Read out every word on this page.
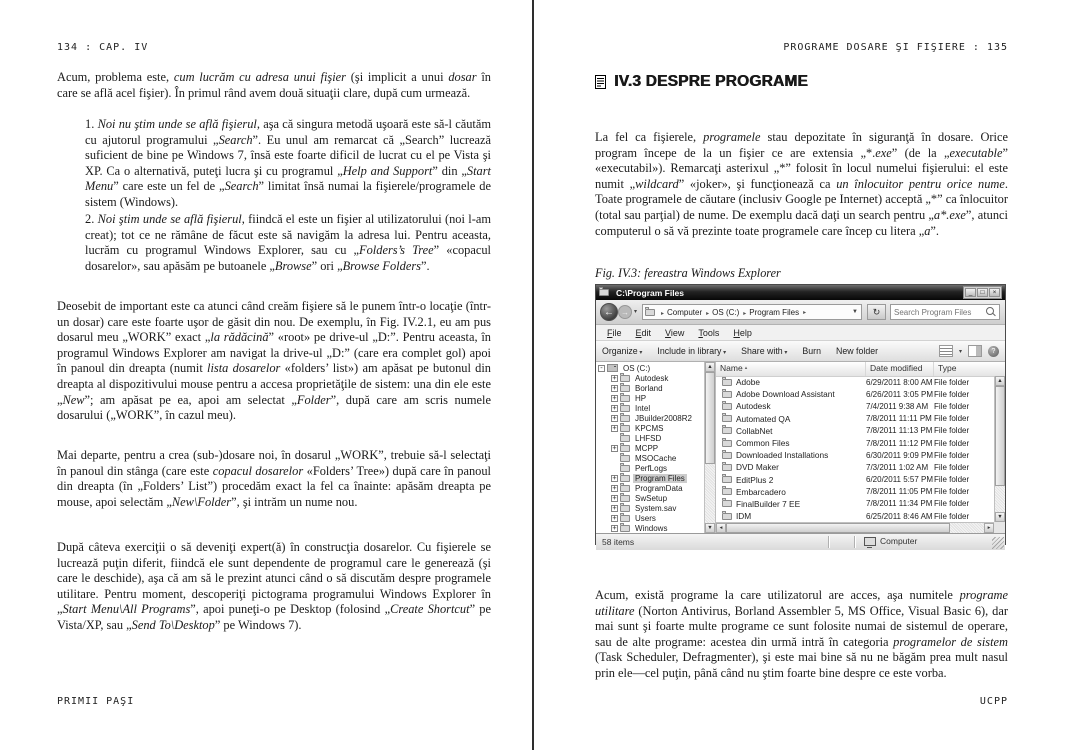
134 : CAP. IV

Acum, problema este, cum lucrăm cu adresa unui fişier (şi implicit a unui dosar în care se află acel fişier). În primul rând avem două situaţii clare, după cum urmează.

1. Noi nu ştim unde se află fişierul, aşa că singura metodă uşoară este să-l căutăm cu ajutorul programului „Search”. Eu unul am remarcat că „Search” lucrează suficient de bine pe Windows 7, însă este foarte dificil de lucrat cu el pe Vista şi XP. Ca o alternativă, puteţi lucra şi cu programul „Help and Support” din „Start Menu” care este un fel de „Search” limitat însă numai la fişierele/programele de sistem (Windows).

2. Noi ştim unde se află fişierul, fiindcă el este un fişier al utilizatorului (noi l-am creat); tot ce ne rămâne de făcut este să navigăm la adresa lui. Pentru aceasta, lucrăm cu programul Windows Explorer, sau cu „Folders’s Tree” «copacul dosarelor», sau apăsăm pe butoanele „Browse” ori „Browse Folders”.

Deosebit de important este ca atunci când creăm fişiere să le punem într-o locaţie (într-un dosar) care este foarte uşor de găsit din nou. De exemplu, în Fig. IV.2.1, eu am pus dosarul meu „WORK” exact „la rădăcină” «root» pe drive-ul „D:”. Pentru aceasta, în programul Windows Explorer am navigat la drive-ul „D:” (care era complet gol) apoi în panoul din dreapta (numit lista dosarelor «folders’ list») am apăsat pe butonul din dreapta al dispozitivului mouse pentru a accesa proprietăţile de sistem: una din ele este „New”; am apăsat pe ea, apoi am selectat „Folder”, după care am scris numele dosarului („WORK”, în cazul meu).

Mai departe, pentru a crea (sub-)dosare noi, în dosarul „WORK”, trebuie să-l selectaţi în panoul din stânga (care este copacul dosarelor «Folders’ Tree») după care în panoul din dreapta (în „Folders’ List”) procedăm exact la fel ca înainte: apăsăm dreapta pe mouse, apoi selectăm „New\Folder”, şi intrăm un nume nou.

După câteva exerciţii o să deveniţi expert(ă) în construcţia dosarelor. Cu fişierele se lucrează puţin diferit, fiindcă ele sunt dependente de programul care le generează (şi care le deschide), aşa că am să le prezint atunci când o să discutăm despre programele utilitare. Pentru moment, descoperiţi pictograma programului Windows Explorer în „Start Menu\All Programs”, apoi puneţi-o pe Desktop (folosind „Create Shortcut” pe Vista/XP, sau „Send To\Desktop” pe Windows 7).

PRIMII PAŞI
PROGRAME DOSARE ŞI FIŞIERE : 135
IV.3 DESPRE PROGRAME

La fel ca fişierele, programele stau depozitate în siguranţă în dosare. Orice program începe de la un fişier ce are extensia „*.exe” (de la „executable” «executabil»). Remarcaţi asterixul „*” folosit în locul numelui fişierului: el este numit „wildcard” «joker», şi funcţionează ca un înlocuitor pentru orice nume. Toate programele de căutare (inclusiv Google pe Internet) acceptă „*” ca înlocuitor (total sau parţial) de nume. De exemplu dacă daţi un search pentru „a*.exe”, atunci computerul o să vă prezinte toate programele care încep cu litera „a”.

Fig. IV.3: fereastra Windows Explorer

C:\Program Files	_	□	×
← → ▾	▸ Computer	▸ OS (C:)	▸ Program Files
▸	▼	↻
Search Program Files
File	Edit	View	Tools	Help
Organize ▾	Include in library ▾	Share with ▾	Burn New folder	▾	?
- OS (C:)
+ Autodesk
+ Borland
+ HP
+ Intel
+ JBuilder2008R2
+ KPCMS
LHFSD
+ MCPP
MSOCache
PerfLogs
+ Program Files
+ ProgramData
+ SwSetup
+ System.sav
+ Users
+ Windows
▲
▼
Name ▴	Date modified	Type
Adobe	6/29/2011 8:00 AM File folder
Adobe Download Assistant	6/26/2011 3:05 PM File folder
Autodesk	7/4/2011 9:38 AM File folder
Automated QA	7/8/2011 11:11 PM File folder
CollabNet	7/8/2011 11:13 PM File folder
Common Files	7/8/2011 11:12 PM File folder
Downloaded Installations	6/30/2011 9:09 PM File folder
DVD Maker	7/3/2011 1:02 AM File folder
EditPlus 2	6/20/2011 5:57 PM File folder
Embarcadero	7/8/2011 11:05 PM File folder
FinalBuilder 7 EE	7/8/2011 11:34 PM File folder
IDM	6/25/2011 8:46 AM File folder
▲
▼
◂	▸
58 items	Computer

Acum, există programe la care utilizatorul are acces, aşa numitele programe utilitare (Norton Antivirus, Borland Assembler 5, MS Office, Visual Basic 6), dar mai sunt şi foarte multe programe ce sunt folosite numai de sistemul de operare, sau de alte programe: acestea din urmă intră în categoria programelor de sistem (Task Scheduler, Defragmenter), şi este mai bine să nu ne băgăm prea mult nasul prin ele—cel puţin, până când nu ştim foarte bine despre ce este vorba.

UCPP
